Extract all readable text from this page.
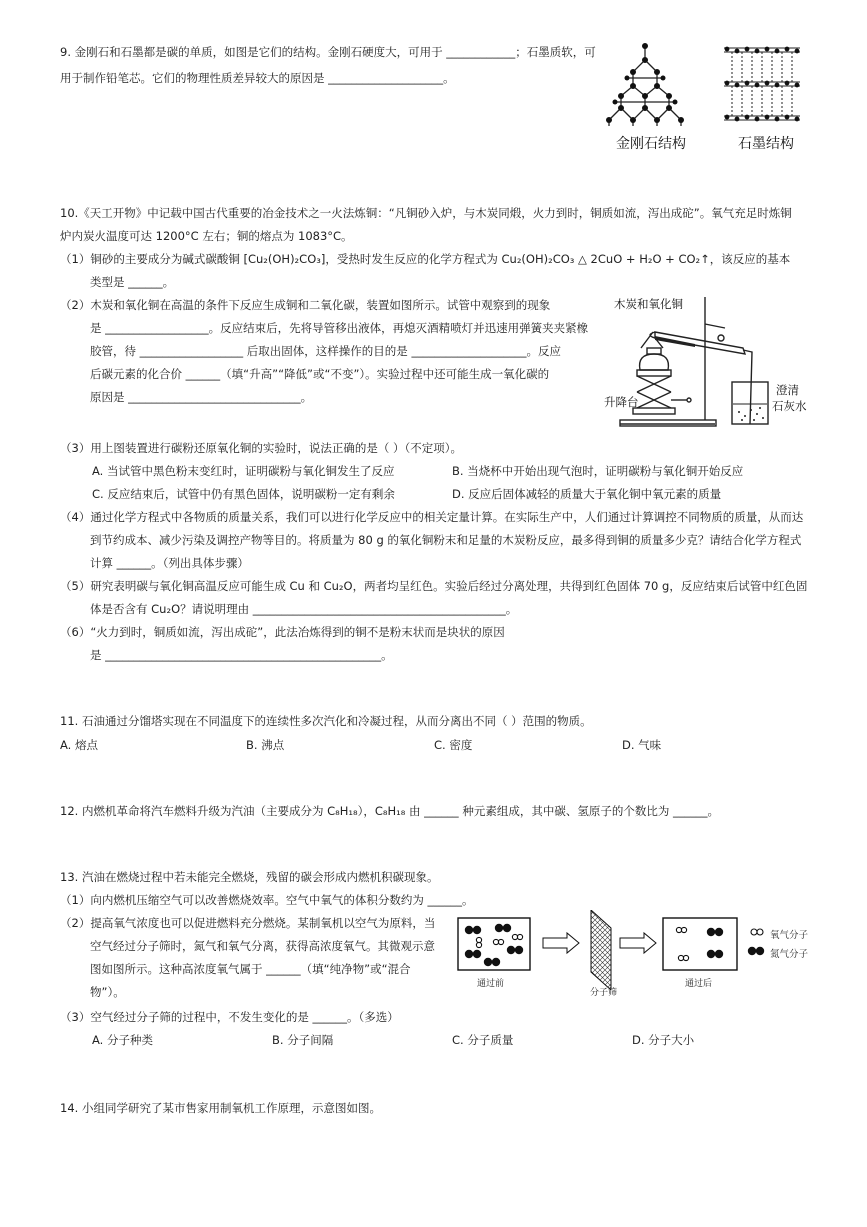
9. 金刚石和石墨都是碳的单质，如图是它们的结构。金刚石硬度大，可用于 ____________；石墨质软，可
用于制作铅笔芯。它们的物理性质差异较大的原因是 ____________________。
金刚石结构	石墨结构
10.《天工开物》中记载中国古代重要的冶金技术之一火法炼铜：“凡铜砂入炉，与木炭同煅，火力到时，铜质如流，泻出成砣”。氧气充足时炼铜
炉内炭火温度可达 1200°C 左右；铜的熔点为 1083°C。
（1）铜砂的主要成分为碱式碳酸铜 [Cu₂(OH)₂CO₃]，受热时发生反应的化学方程式为 Cu₂(OH)₂CO₃ △ 2CuO + H₂O + CO₂↑，该反应的基本
类型是 ______。
（2）木炭和氧化铜在高温的条件下反应生成铜和二氧化碳，装置如图所示。试管中观察到的现象
是 __________________。反应结束后，先将导管移出液体，再熄灭酒精喷灯并迅速用弹簧夹夹紧橡
胶管，待 __________________ 后取出固体，这样操作的目的是 ____________________。反应
后碳元素的化合价 ______（填“升高”“降低”或“不变”）。实验过程中还可能生成一氧化碳的
原因是 ______________________________。
木炭和氧化铜
升降台
澄清
石灰水
（3）用上图装置进行碳粉还原氧化铜的实验时，说法正确的是（ ）（不定项）。
A. 当试管中黑色粉末变红时，证明碳粉与氧化铜发生了反应	B. 当烧杯中开始出现气泡时，证明碳粉与氧化铜开始反应
C. 反应结束后，试管中仍有黑色固体，说明碳粉一定有剩余	D. 反应后固体减轻的质量大于氧化铜中氧元素的质量
（4）通过化学方程式中各物质的质量关系，我们可以进行化学反应中的相关定量计算。在实际生产中，人们通过计算调控不同物质的质量，从而达
到节约成本、减少污染及调控产物等目的。将质量为 80 g 的氧化铜粉末和足量的木炭粉反应，最多得到铜的质量多少克？请结合化学方程式
计算 ______。（列出具体步骤）
（5）研究表明碳与氧化铜高温反应可能生成 Cu 和 Cu₂O，两者均呈红色。实验后经过分离处理，共得到红色固体 70 g，反应结束后试管中红色固
体是否含有 Cu₂O？请说明理由 ____________________________________________。
（6）“火力到时，铜质如流，泻出成砣”，此法冶炼得到的铜不是粉末状而是块状的原因
是 ________________________________________________。
11. 石油通过分馏塔实现在不同温度下的连续性多次汽化和冷凝过程，从而分离出不同（ ）范围的物质。
A. 熔点	B. 沸点	C. 密度	D. 气味
12. 内燃机革命将汽车燃料升级为汽油（主要成分为 C₈H₁₈），C₈H₁₈ 由 ______ 种元素组成，其中碳、氢原子的个数比为 ______。
13. 汽油在燃烧过程中若未能完全燃烧，残留的碳会形成内燃机积碳现象。
（1）向内燃机压缩空气可以改善燃烧效率。空气中氧气的体积分数约为 ______。
（2）提高氧气浓度也可以促进燃料充分燃烧。某制氧机以空气为原料，当
空气经过分子筛时，氮气和氧气分离，获得高浓度氧气。其微观示意
图如图所示。这种高浓度氧气属于 ______（填“纯净物”或“混合
物”）。
（3）空气经过分子筛的过程中，不发生变化的是 ______。（多选）
A. 分子种类	B. 分子间隔	C. 分子质量	D. 分子大小
通过前
分子筛
通过后
氧气分子
氮气分子
14. 小组同学研究了某市售家用制氧机工作原理，示意图如图。
